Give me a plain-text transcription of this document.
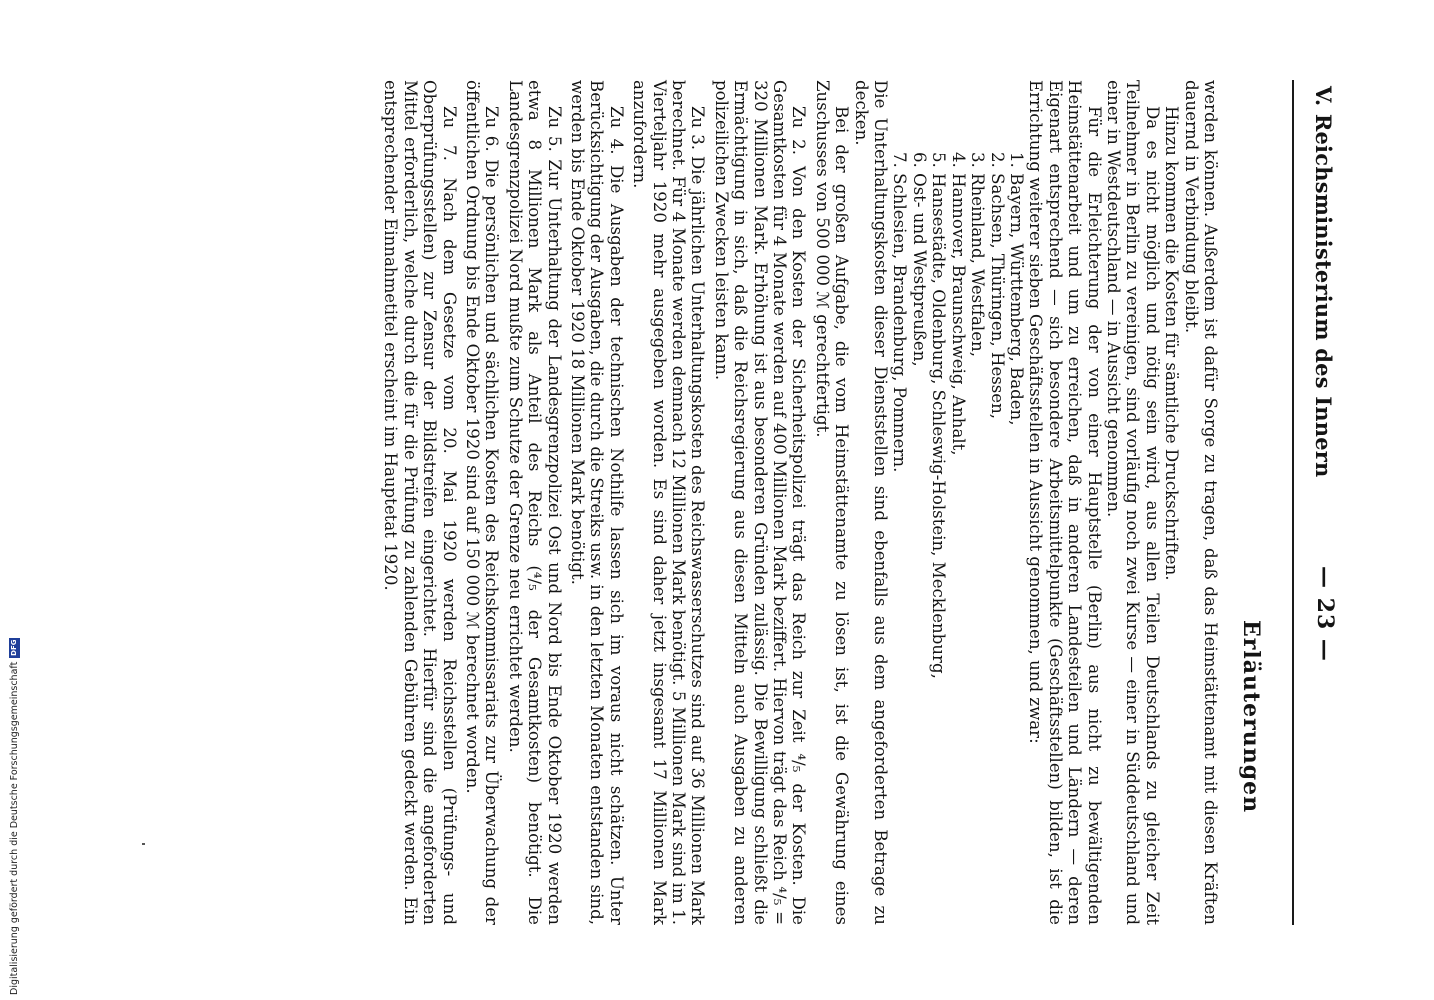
V. Reichsministerium des Innern
— 23 —
Erläuterungen

werden können. Außerdem ist dafür Sorge zu tragen, daß das Heimstättenamt mit diesen Kräften dauernd in Verbindung bleibt.

Hinzu kommen die Kosten für sämtliche Druckschriften.

Da es nicht möglich und nötig sein wird, aus allen Teilen Deutschlands zu gleicher Zeit Teilnehmer in Berlin zu vereinigen, sind vorläufig noch zwei Kurse — einer in Süddeutschland und einer in Westdeutschland — in Aussicht genommen.

Für die Erleichterung der von einer Hauptstelle (Berlin) aus nicht zu bewältigenden Heimstättenarbeit und um zu erreichen, daß in anderen Landesteilen und Ländern — deren Eigenart entsprechend — sich besondere Arbeitsmittelpunkte (Geschäftsstellen) bilden, ist die Errichtung weiterer sieben Geschäftsstellen in Aussicht genommen, und zwar:

1. Bayern, Württemberg, Baden,
2. Sachsen, Thüringen, Hessen,
3. Rheinland, Westfalen,
4. Hannover, Braunschweig, Anhalt,
5. Hansestädte, Oldenburg, Schleswig-Holstein, Mecklenburg,
6. Ost- und Westpreußen,
7. Schlesien, Brandenburg, Pommern.

Die Unterhaltungskosten dieser Dienststellen sind ebenfalls aus dem angeforderten Betrage zu decken.

Bei der großen Aufgabe, die vom Heimstättenamte zu lösen ist, ist die Gewährung eines Zuschusses von 500 000 ℳ gerechtfertigt.

Zu 2. Von den Kosten der Sicherheitspolizei trägt das Reich zur Zeit ⁴/₅ der Kosten. Die Gesamtkosten für 4 Monate werden auf 400 Millionen Mark beziffert. Hiervon trägt das Reich ⁴/₅ = 320 Millionen Mark. Erhöhung ist aus besonderen Gründen zulässig. Die Bewilligung schließt die Ermächtigung in sich, daß die Reichsregierung aus diesen Mitteln auch Ausgaben zu anderen polizeilichen Zwecken leisten kann.

Zu 3. Die jährlichen Unterhaltungskosten des Reichswasserschutzes sind auf 36 Millionen Mark berechnet. Für 4 Monate werden demnach 12 Millionen Mark benötigt. 5 Millionen Mark sind im 1. Vierteljahr 1920 mehr ausgegeben worden. Es sind daher jetzt insgesamt 17 Millionen Mark anzufordern.

Zu 4. Die Ausgaben der technischen Nothilfe lassen sich im voraus nicht schätzen. Unter Berücksichtigung der Ausgaben, die durch die Streiks usw. in den letzten Monaten entstanden sind, werden bis Ende Oktober 1920 18 Millionen Mark benötigt.

Zu 5. Zur Unterhaltung der Landesgrenzpolizei Ost und Nord bis Ende Oktober 1920 werden etwa 8 Millionen Mark als Anteil des Reichs (⁴/₅ der Gesamtkosten) benötigt. Die Landesgrenzpolizei Nord mußte zum Schutze der Grenze neu errichtet werden.

Zu 6. Die persönlichen und sächlichen Kosten des Reichskommissariats zur Überwachung der öffentlichen Ordnung bis Ende Oktober 1920 sind auf 150 000 ℳ berechnet worden.

Zu 7. Nach dem Gesetze vom 20. Mai 1920 werden Reichsstellen (Prüfungs- und Oberprüfungsstellen) zur Zensur der Bildstreifen eingerichtet. Hierfür sind die angeforderten Mittel erforderlich, welche durch die für die Prüfung zu zahlenden Gebühren gedeckt werden. Ein entsprechender Einnahmetitel erscheint im Hauptetat 1920.

Digitalisierung gefördert durch die Deutsche Forschungsgemeinschaft
DFG
